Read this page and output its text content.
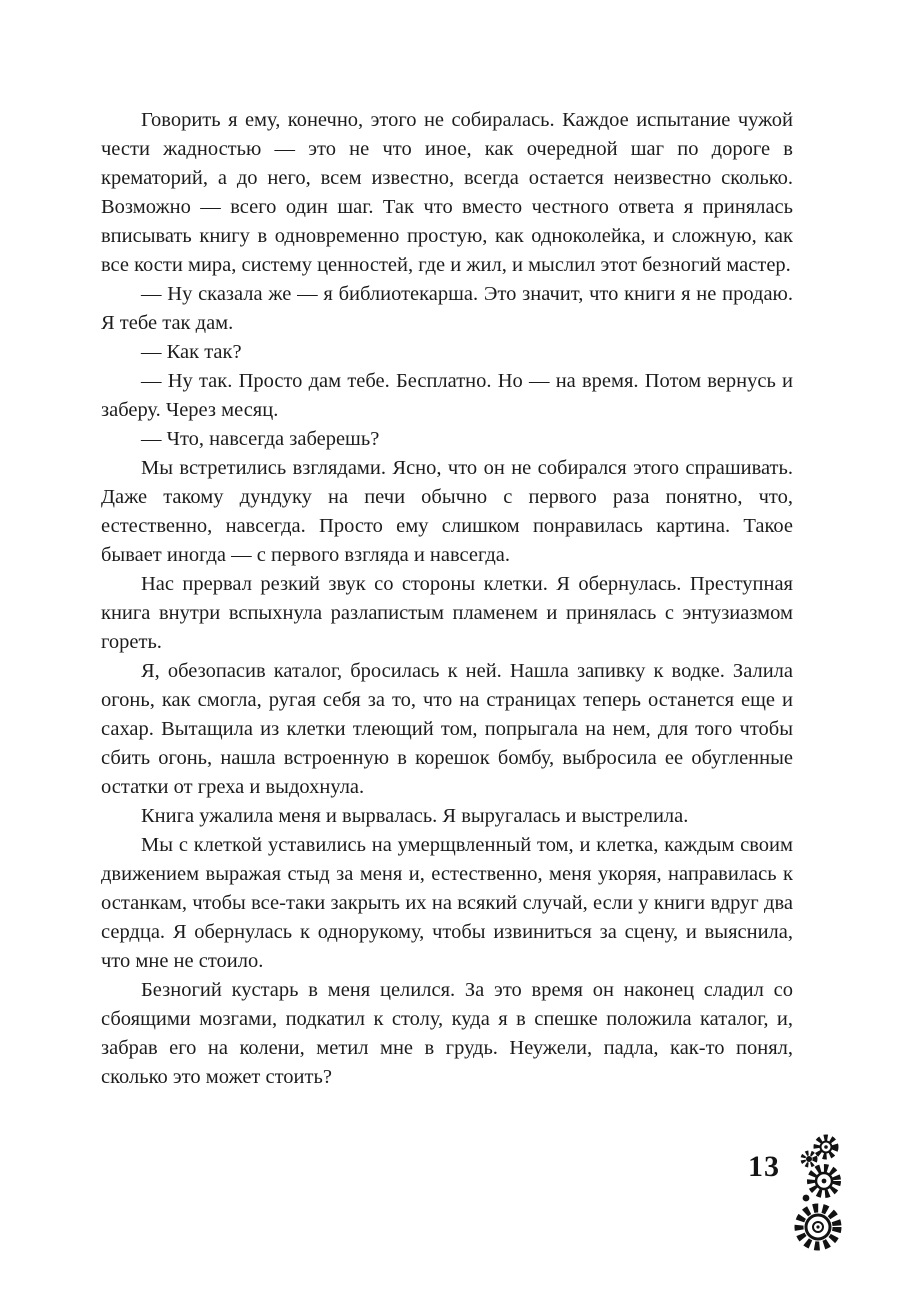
Говорить я ему, конечно, этого не собиралась. Каждое испытание чужой чести жадностью — это не что иное, как очередной шаг по дороге в крематорий, а до него, всем известно, всегда остается неизвестно сколько. Возможно — всего один шаг. Так что вместо честного ответа я принялась вписывать книгу в одновременно простую, как одноколейка, и сложную, как все кости мира, систему ценностей, где и жил, и мыслил этот безногий мастер.

— Ну сказала же — я библиотекарша. Это значит, что книги я не продаю. Я тебе так дам.

— Как так?

— Ну так. Просто дам тебе. Бесплатно. Но — на время. Потом вернусь и заберу. Через месяц.

— Что, навсегда заберешь?

Мы встретились взглядами. Ясно, что он не собирался этого спрашивать. Даже такому дундуку на печи обычно с первого раза понятно, что, естественно, навсегда. Просто ему слишком понравилась картина. Такое бывает иногда — с первого взгляда и навсегда.

Нас прервал резкий звук со стороны клетки. Я обернулась. Преступная книга внутри вспыхнула разлапистым пламенем и принялась с энтузиазмом гореть.

Я, обезопасив каталог, бросилась к ней. Нашла запивку к водке. Залила огонь, как смогла, ругая себя за то, что на страницах теперь останется еще и сахар. Вытащила из клетки тлеющий том, попрыгала на нем, для того чтобы сбить огонь, нашла встроенную в корешок бомбу, выбросила ее обугленные остатки от греха и выдохнула.

Книга ужалила меня и вырвалась. Я выругалась и выстрелила.

Мы с клеткой уставились на умерщвленный том, и клетка, каждым своим движением выражая стыд за меня и, естественно, меня укоряя, направилась к останкам, чтобы все-таки закрыть их на всякий случай, если у книги вдруг два сердца. Я обернулась к однорукому, чтобы извиниться за сцену, и выяснила, что мне не стоило.

Безногий кустарь в меня целился. За это время он наконец сладил со сбоящими мозгами, подкатил к столу, куда я в спешке положила каталог, и, забрав его на колени, метил мне в грудь. Неужели, падла, как-то понял, сколько это может стоить?

13
